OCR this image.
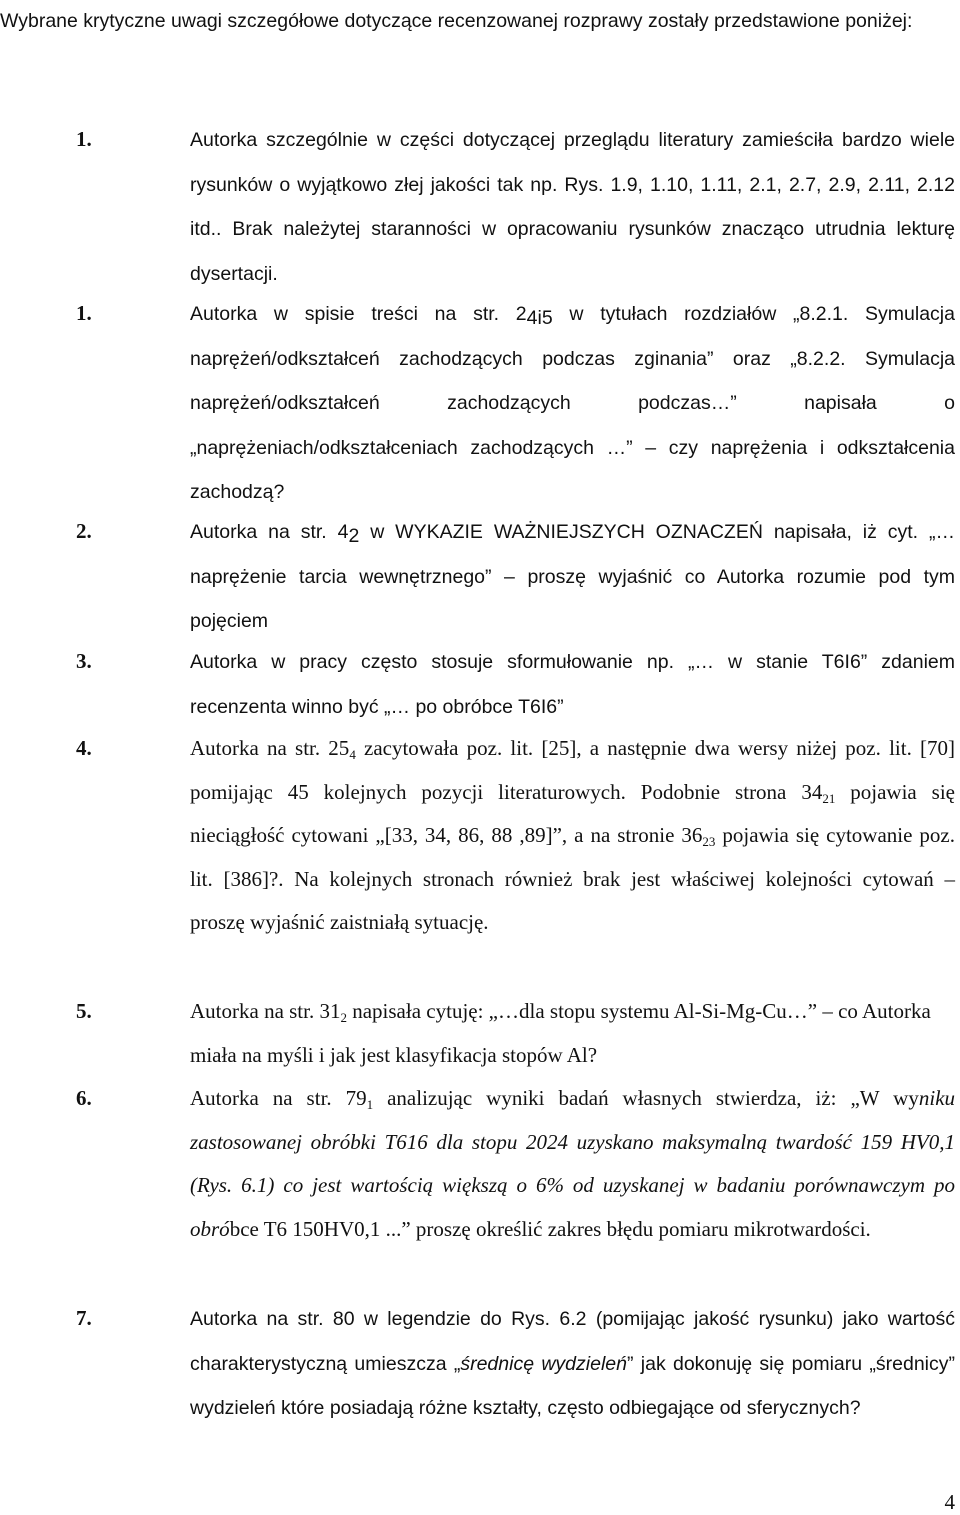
Wybrane krytyczne uwagi szczegółowe dotyczące recenzowanej rozprawy zostały przedstawione poniżej:

1.	Autorka szczególnie w części dotyczącej przeglądu literatury zamieściła bardzo wiele rysunków o wyjątkowo złej jakości tak np. Rys. 1.9, 1.10, 1.11, 2.1, 2.7, 2.9, 2.11, 2.12 itd.. Brak należytej staranności w opracowaniu rysunków znacząco utrudnia lekturę dysertacji.
1.	Autorka w spisie treści na str. $2_{4i5}$ w tytułach rozdziałów „8.2.1. Symulacja naprężeń/odkształceń zachodzących podczas zginania” oraz „8.2.2. Symulacja naprężeń/odkształceń zachodzących podczas…” napisała o „naprężeniach/odkształceniach zachodzących …” – czy naprężenia i odkształcenia zachodzą?
2.	Autorka na str. $4_2$ w WYKAZIE WAŻNIEJSZYCH OZNACZEŃ napisała, iż cyt. „…naprężenie tarcia wewnętrznego” – proszę wyjaśnić co Autorka rozumie pod tym pojęciem
3.	Autorka w pracy często stosuje sformułowanie np. „… w stanie T6I6” zdaniem recenzenta winno być „… po obróbce T6I6”
4.	Autorka na str. $25_4$ zacytowała poz. lit. [25], a następnie dwa wersy niżej poz. lit. [70] pomijając 45 kolejnych pozycji literaturowych. Podobnie strona $34_{21}$ pojawia się nieciągłość cytowani „[33, 34, 86, 88 ,89]”, a na stronie $36_{23}$ pojawia się cytowanie poz. lit. [386]?. Na kolejnych stronach również brak jest właściwej kolejności cytowań – proszę wyjaśnić zaistniałą sytuację.
5.	Autorka na str. $31_2$ napisała cytuję: „…dla stopu systemu Al-Si-Mg-Cu…” – co Autorka miała na myśli i jak jest klasyfikacja stopów Al?
6.	Autorka na str. $79_1$ analizując wyniki badań własnych stwierdza, iż: „W wyniku zastosowanej obróbki T616 dla stopu 2024 uzyskano maksymalną twardość 159 HV0,1 (Rys. 6.1) co jest wartością większą o 6% od uzyskanej w badaniu porównawczym po obróbce T6 150HV0,1 ...” proszę określić zakres błędu pomiaru mikrotwardości.
7.	Autorka na str. 80 w legendzie do Rys. 6.2 (pomijając jakość rysunku) jako wartość charakterystyczną umieszcza „średnicę wydzieleń” jak dokonuję się pomiaru „średnicy” wydzieleń które posiadają różne kształty, często odbiegające od sferycznych?
4
